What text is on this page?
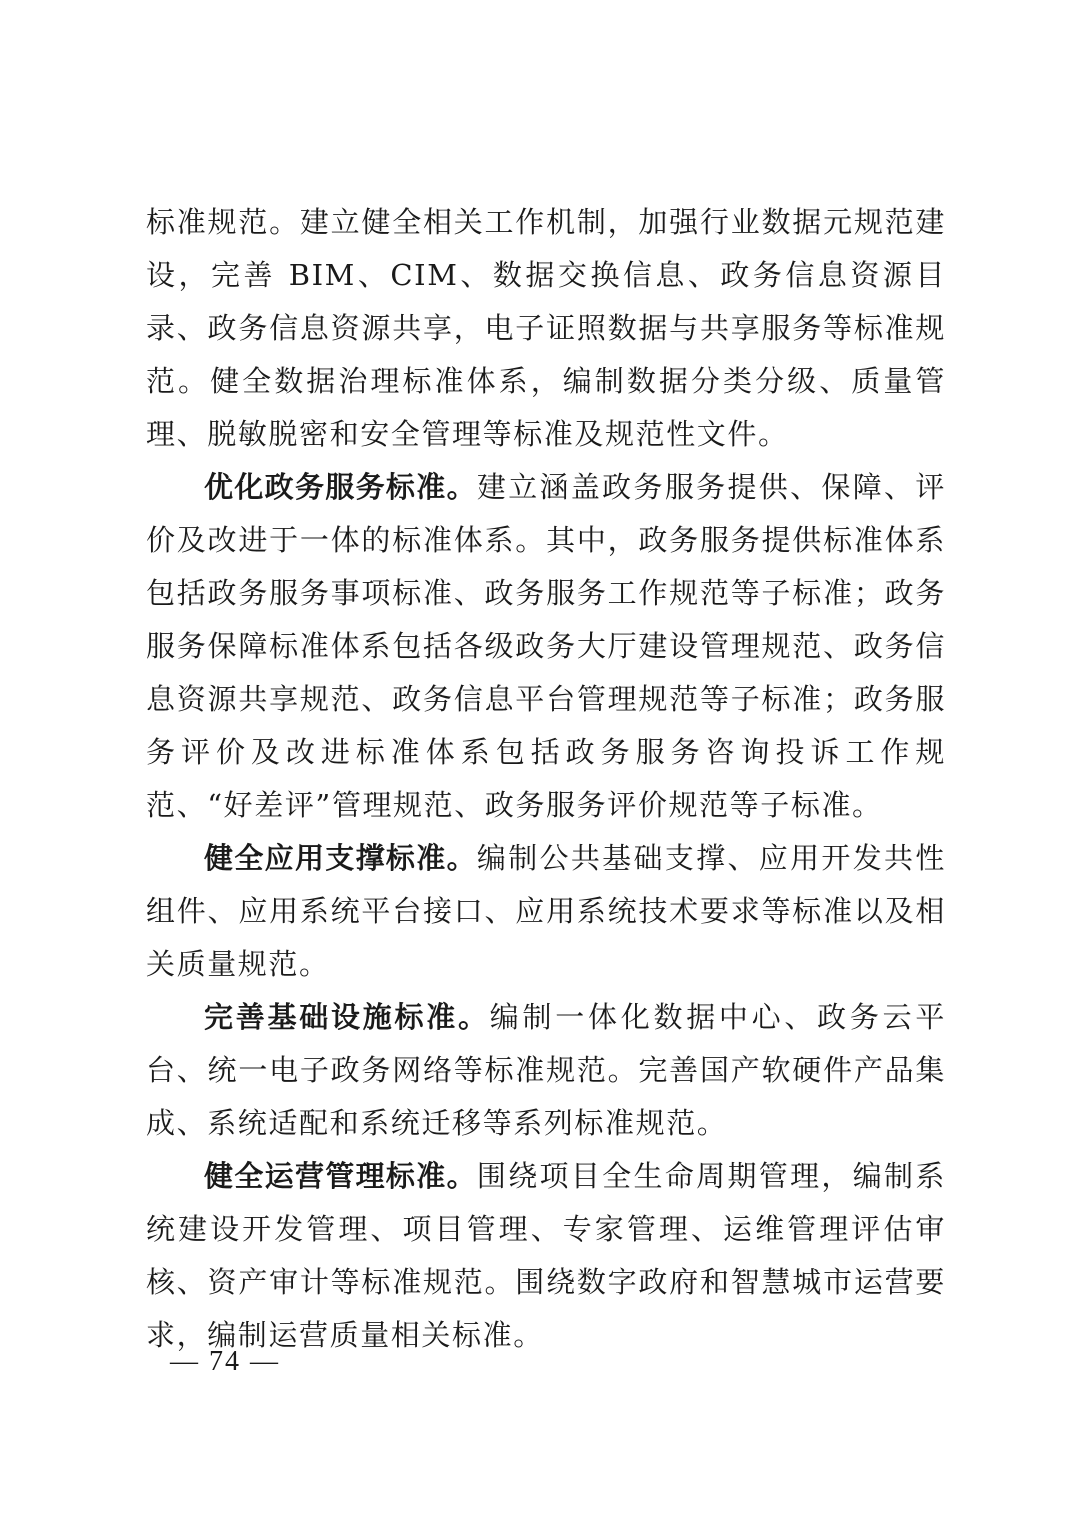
标准规范。建立健全相关工作机制，加强行业数据元规范建设，完善 BIM、CIM、数据交换信息、政务信息资源目录、政务信息资源共享，电子证照数据与共享服务等标准规范。健全数据治理标准体系，编制数据分类分级、质量管理、脱敏脱密和安全管理等标准及规范性文件。

优化政务服务标准。建立涵盖政务服务提供、保障、评价及改进于一体的标准体系。其中，政务服务提供标准体系包括政务服务事项标准、政务服务工作规范等子标准；政务服务保障标准体系包括各级政务大厅建设管理规范、政务信息资源共享规范、政务信息平台管理规范等子标准；政务服务评价及改进标准体系包括政务服务咨询投诉工作规范、“好差评”管理规范、政务服务评价规范等子标准。

健全应用支撑标准。编制公共基础支撑、应用开发共性组件、应用系统平台接口、应用系统技术要求等标准以及相关质量规范。

完善基础设施标准。编制一体化数据中心、政务云平台、统一电子政务网络等标准规范。完善国产软硬件产品集成、系统适配和系统迁移等系列标准规范。

健全运营管理标准。围绕项目全生命周期管理，编制系统建设开发管理、项目管理、专家管理、运维管理评估审核、资产审计等标准规范。围绕数字政府和智慧城市运营要求，编制运营质量相关标准。

— 74 —
